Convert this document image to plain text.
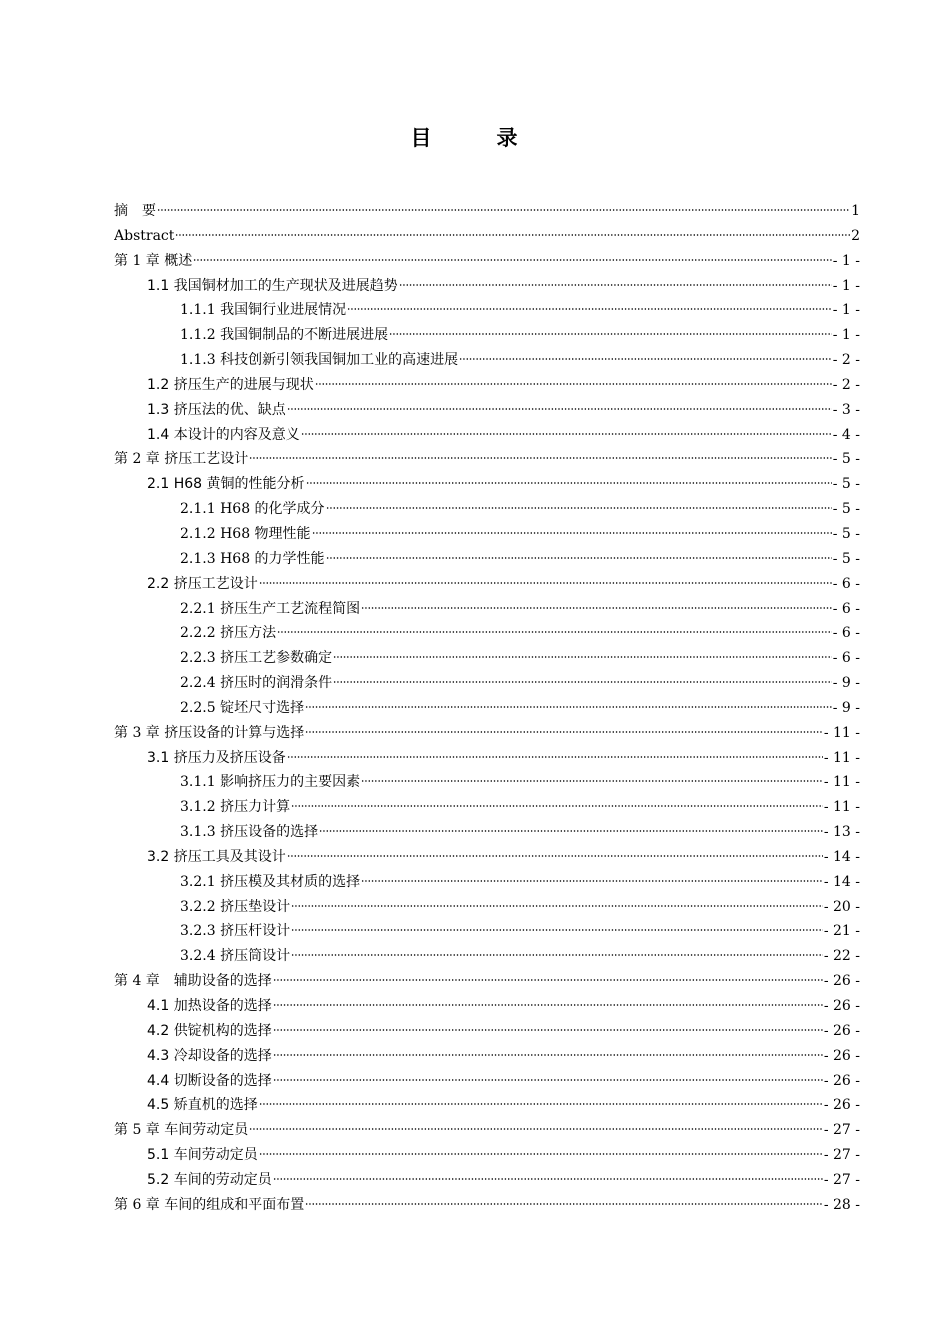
目　录
摘　要	1
Abstract	2
第 1 章 概述	- 1 -
1.1 我国铜材加工的生产现状及进展趋势	- 1 -
1.1.1 我国铜行业进展情况	- 1 -
1.1.2 我国铜制品的不断进展进展	- 1 -
1.1.3 科技创新引领我国铜加工业的高速进展	- 2 -
1.2 挤压生产的进展与现状	- 2 -
1.3 挤压法的优、缺点	- 3 -
1.4 本设计的内容及意义	- 4 -
第 2 章 挤压工艺设计	- 5 -
2.1 H68 黄铜的性能分析	- 5 -
2.1.1 H68 的化学成分	- 5 -
2.1.2 H68 物理性能	- 5 -
2.1.3 H68 的力学性能	- 5 -
2.2 挤压工艺设计	- 6 -
2.2.1 挤压生产工艺流程简图	- 6 -
2.2.2 挤压方法	- 6 -
2.2.3 挤压工艺参数确定	- 6 -
2.2.4 挤压时的润滑条件	- 9 -
2.2.5 锭坯尺寸选择	- 9 -
第 3 章 挤压设备的计算与选择	- 11 -
3.1 挤压力及挤压设备	- 11 -
3.1.1 影响挤压力的主要因素	- 11 -
3.1.2 挤压力计算	- 11 -
3.1.3 挤压设备的选择	- 13 -
3.2 挤压工具及其设计	- 14 -
3.2.1 挤压模及其材质的选择	- 14 -
3.2.2 挤压垫设计	- 20 -
3.2.3 挤压杆设计	- 21 -
3.2.4 挤压筒设计	- 22 -
第 4 章　辅助设备的选择	- 26 -
4.1 加热设备的选择	- 26 -
4.2 供锭机构的选择	- 26 -
4.3 冷却设备的选择	- 26 -
4.4 切断设备的选择	- 26 -
4.5 矫直机的选择	- 26 -
第 5 章 车间劳动定员	- 27 -
5.1 车间劳动定员	- 27 -
5.2 车间的劳动定员	- 27 -
第 6 章 车间的组成和平面布置	- 28 -
